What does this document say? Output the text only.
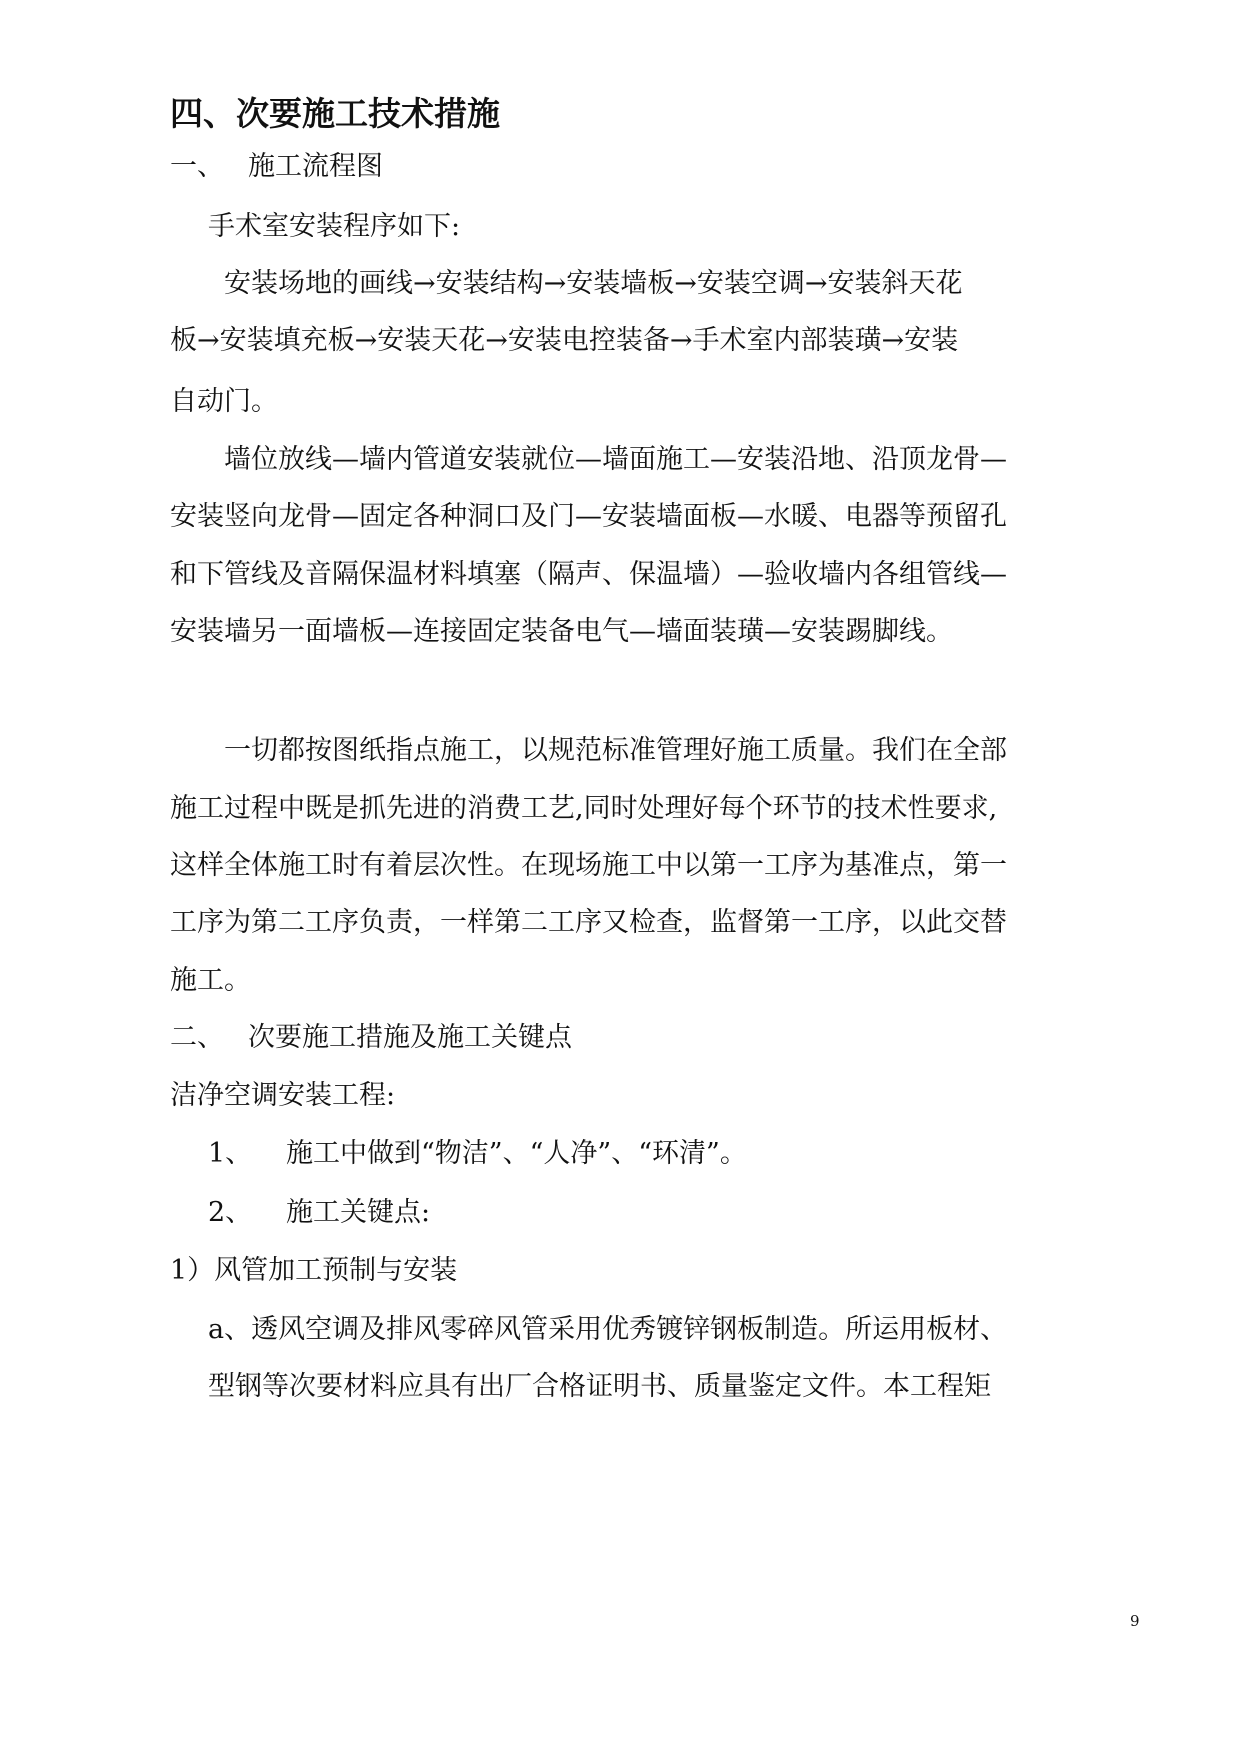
四、次要施工技术措施
一、 施工流程图
手术室安装程序如下:
安装场地的画线→安装结构→安装墙板→安装空调→安装斜天花
板→安装填充板→安装天花→安装电控装备→手术室内部装璜→安装
自动门。
墙位放线—墙内管道安装就位—墙面施工—安装沿地、沿顶龙骨—
安装竖向龙骨—固定各种洞口及门—安装墙面板—水暖、电器等预留孔
和下管线及音隔保温材料填塞（隔声、保温墙）—验收墙内各组管线—
安装墙另一面墙板—连接固定装备电气—墙面装璜—安装踢脚线。
一切都按图纸指点施工，以规范标准管理好施工质量。我们在全部
施工过程中既是抓先进的消费工艺,同时处理好每个环节的技术性要求,
这样全体施工时有着层次性。在现场施工中以第一工序为基准点，第一
工序为第二工序负责，一样第二工序又检查，监督第一工序，以此交替
施工。
二、 次要施工措施及施工关键点
洁净空调安装工程:
1、 施工中做到“物洁”、“人净”、“环清”。
2、 施工关键点:
1）风管加工预制与安装
a、透风空调及排风零碎风管采用优秀镀锌钢板制造。所运用板材、
型钢等次要材料应具有出厂合格证明书、质量鉴定文件。本工程矩
9
